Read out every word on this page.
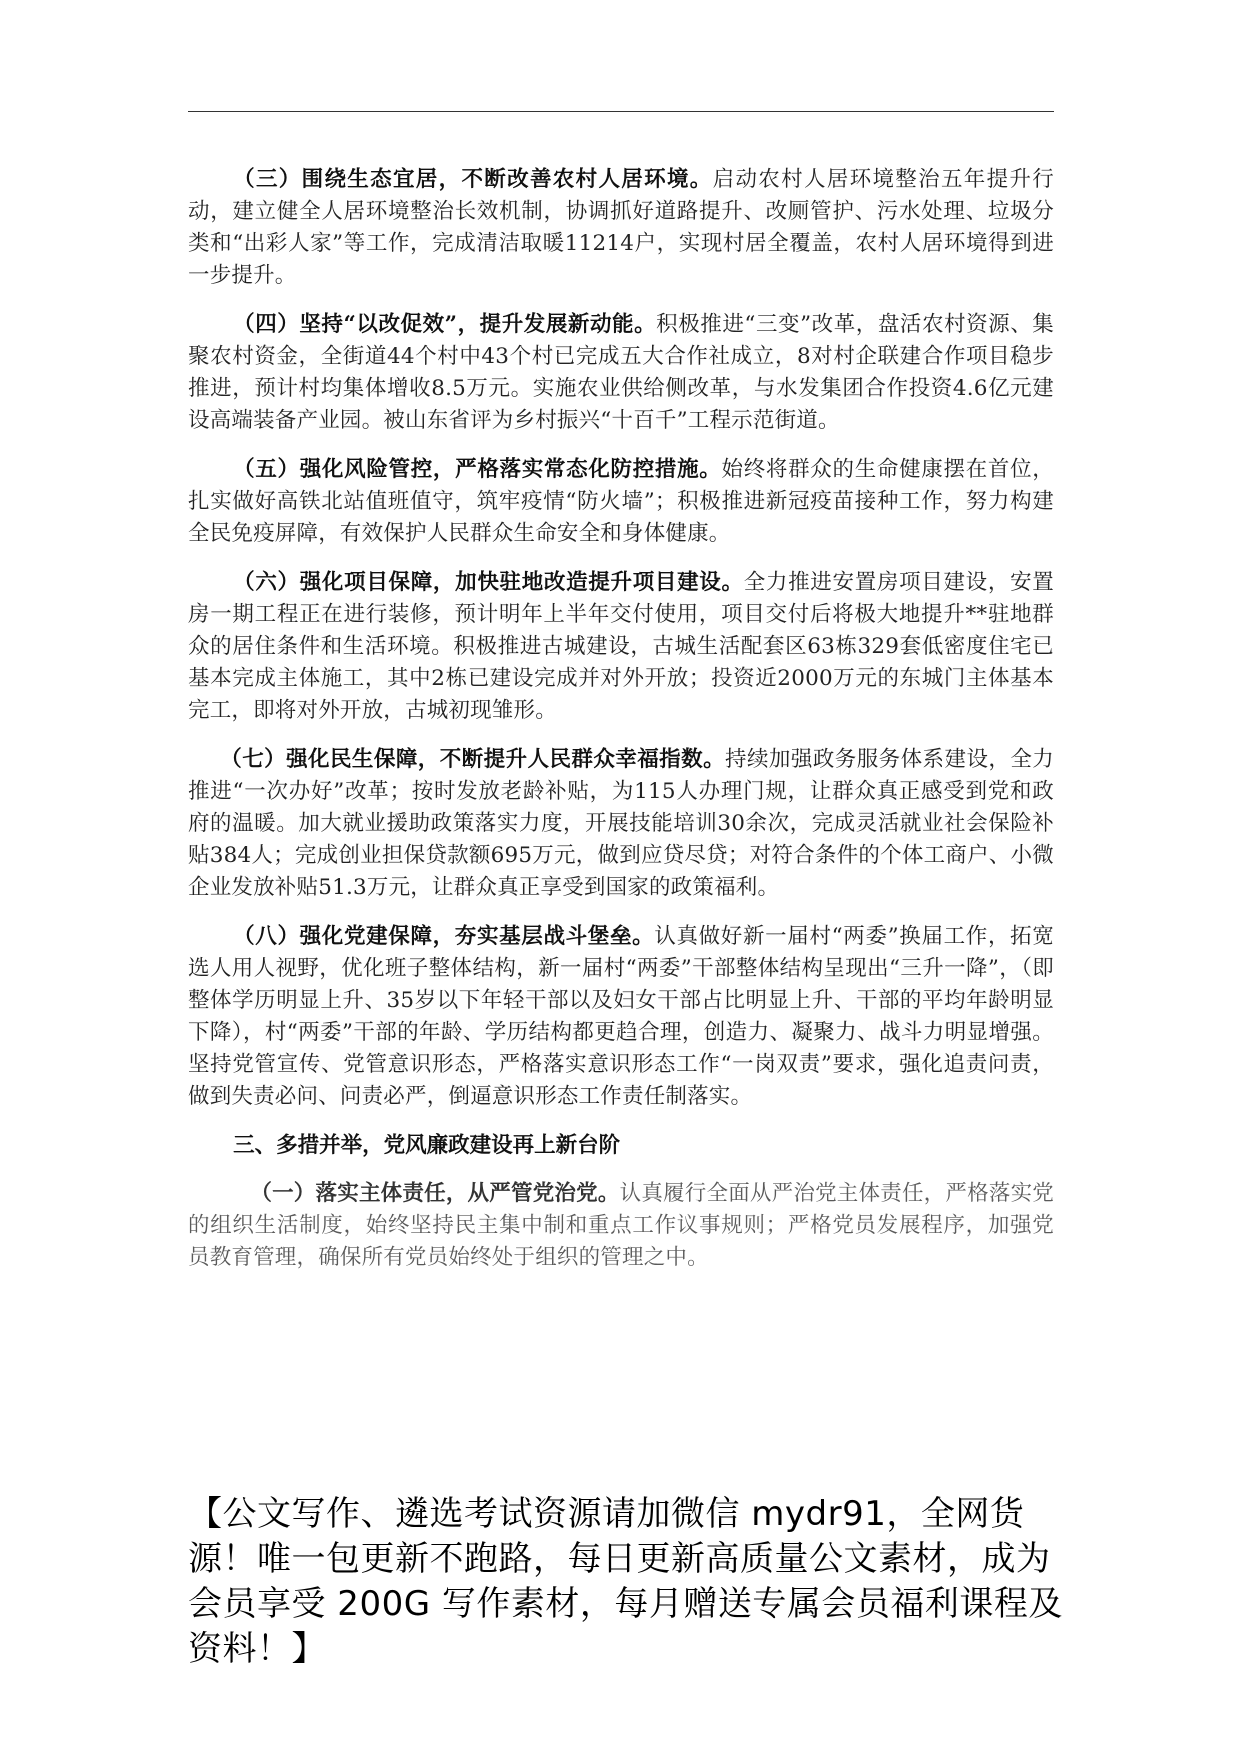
（三）围绕生态宜居，不断改善农村人居环境。启动农村人居环境整治五年提升行动，建立健全人居环境整治长效机制，协调抓好道路提升、改厕管护、污水处理、垃圾分类和“出彩人家”等工作，完成清洁取暖11214户，实现村居全覆盖，农村人居环境得到进一步提升。

（四）坚持“以改促效”，提升发展新动能。积极推进“三变”改革，盘活农村资源、集聚农村资金，全街道44个村中43个村已完成五大合作社成立，8对村企联建合作项目稳步推进，预计村均集体增收8.5万元。实施农业供给侧改革，与水发集团合作投资4.6亿元建设高端装备产业园。被山东省评为乡村振兴“十百千”工程示范街道。

（五）强化风险管控，严格落实常态化防控措施。始终将群众的生命健康摆在首位，扎实做好高铁北站值班值守，筑牢疫情“防火墙”；积极推进新冠疫苗接种工作，努力构建全民免疫屏障，有效保护人民群众生命安全和身体健康。

（六）强化项目保障，加快驻地改造提升项目建设。全力推进安置房项目建设，安置房一期工程正在进行装修，预计明年上半年交付使用，项目交付后将极大地提升**驻地群众的居住条件和生活环境。积极推进古城建设，古城生活配套区63栋329套低密度住宅已基本完成主体施工，其中2栋已建设完成并对外开放；投资近2000万元的东城门主体基本完工，即将对外开放，古城初现雏形。

（七）强化民生保障，不断提升人民群众幸福指数。持续加强政务服务体系建设，全力推进“一次办好”改革；按时发放老龄补贴，为115人办理门规，让群众真正感受到党和政府的温暖。加大就业援助政策落实力度，开展技能培训30余次，完成灵活就业社会保险补贴384人；完成创业担保贷款额695万元，做到应贷尽贷；对符合条件的个体工商户、小微企业发放补贴51.3万元，让群众真正享受到国家的政策福利。

（八）强化党建保障，夯实基层战斗堡垒。认真做好新一届村“两委”换届工作，拓宽选人用人视野，优化班子整体结构，新一届村“两委”干部整体结构呈现出“三升一降”，（即整体学历明显上升、35岁以下年轻干部以及妇女干部占比明显上升、干部的平均年龄明显下降），村“两委”干部的年龄、学历结构都更趋合理，创造力、凝聚力、战斗力明显增强。坚持党管宣传、党管意识形态，严格落实意识形态工作“一岗双责”要求，强化追责问责，做到失责必问、问责必严，倒逼意识形态工作责任制落实。

三、多措并举，党风廉政建设再上新台阶

（一）落实主体责任，从严管党治党。认真履行全面从严治党主体责任，严格落实党的组织生活制度，始终坚持民主集中制和重点工作议事规则；严格党员发展程序，加强党员教育管理，确保所有党员始终处于组织的管理之中。

【公文写作、遴选考试资源请加微信 mydr91，全网货源！唯一包更新不跑路，每日更新高质量公文素材，成为会员享受 200G 写作素材，每月赠送专属会员福利课程及资料！】
